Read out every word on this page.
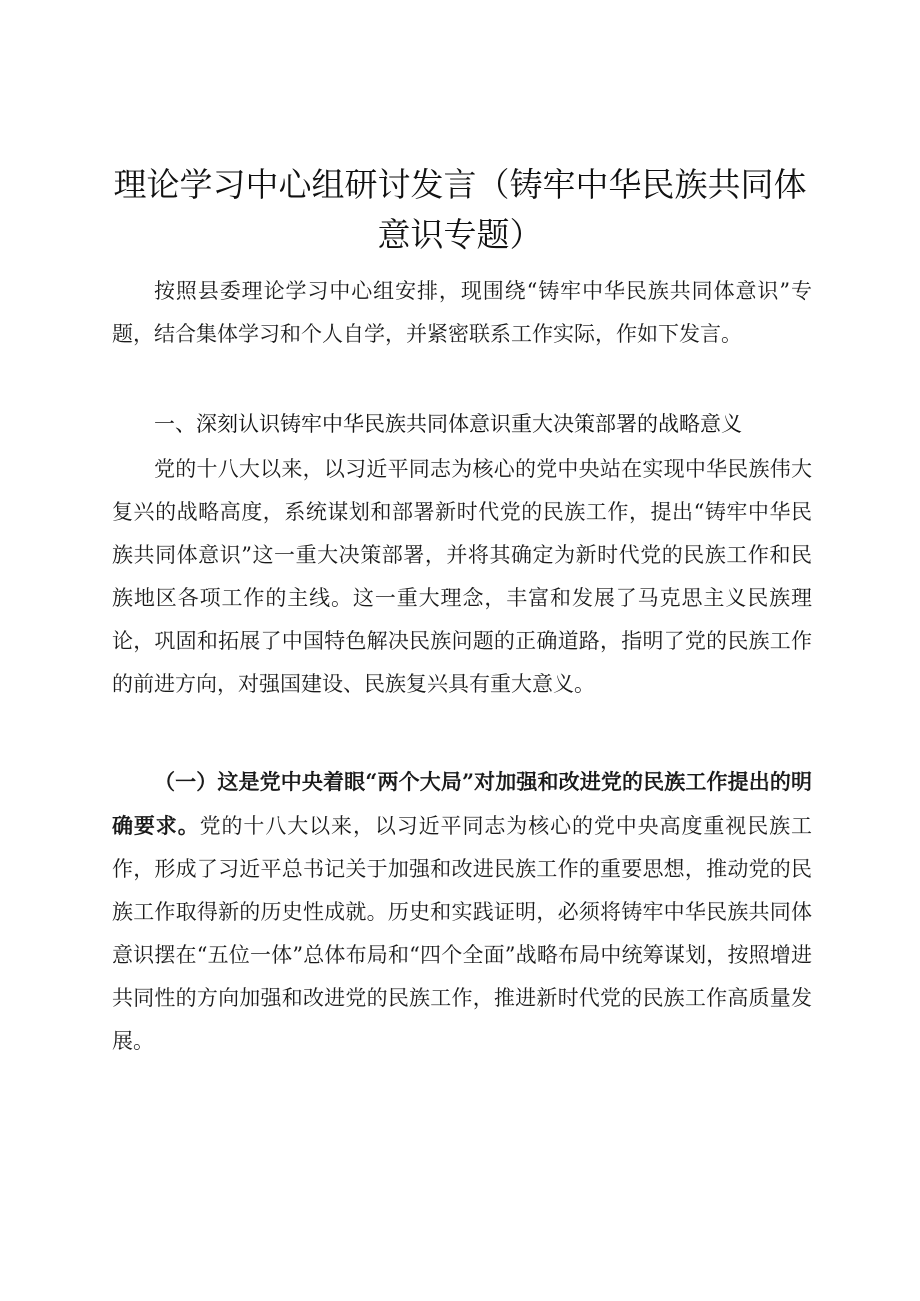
理论学习中心组研讨发言（铸牢中华民族共同体意识专题）

按照县委理论学习中心组安排，现围绕“铸牢中华民族共同体意识”专题，结合集体学习和个人自学，并紧密联系工作实际，作如下发言。

一、深刻认识铸牢中华民族共同体意识重大决策部署的战略意义

党的十八大以来，以习近平同志为核心的党中央站在实现中华民族伟大复兴的战略高度，系统谋划和部署新时代党的民族工作，提出“铸牢中华民族共同体意识”这一重大决策部署，并将其确定为新时代党的民族工作和民族地区各项工作的主线。这一重大理念，丰富和发展了马克思主义民族理论，巩固和拓展了中国特色解决民族问题的正确道路，指明了党的民族工作的前进方向，对强国建设、民族复兴具有重大意义。

（一）这是党中央着眼“两个大局”对加强和改进党的民族工作提出的明确要求。党的十八大以来，以习近平同志为核心的党中央高度重视民族工作，形成了习近平总书记关于加强和改进民族工作的重要思想，推动党的民族工作取得新的历史性成就。历史和实践证明，必须将铸牢中华民族共同体意识摆在“五位一体”总体布局和“四个全面”战略布局中统筹谋划，按照增进共同性的方向加强和改进党的民族工作，推进新时代党的民族工作高质量发展。
